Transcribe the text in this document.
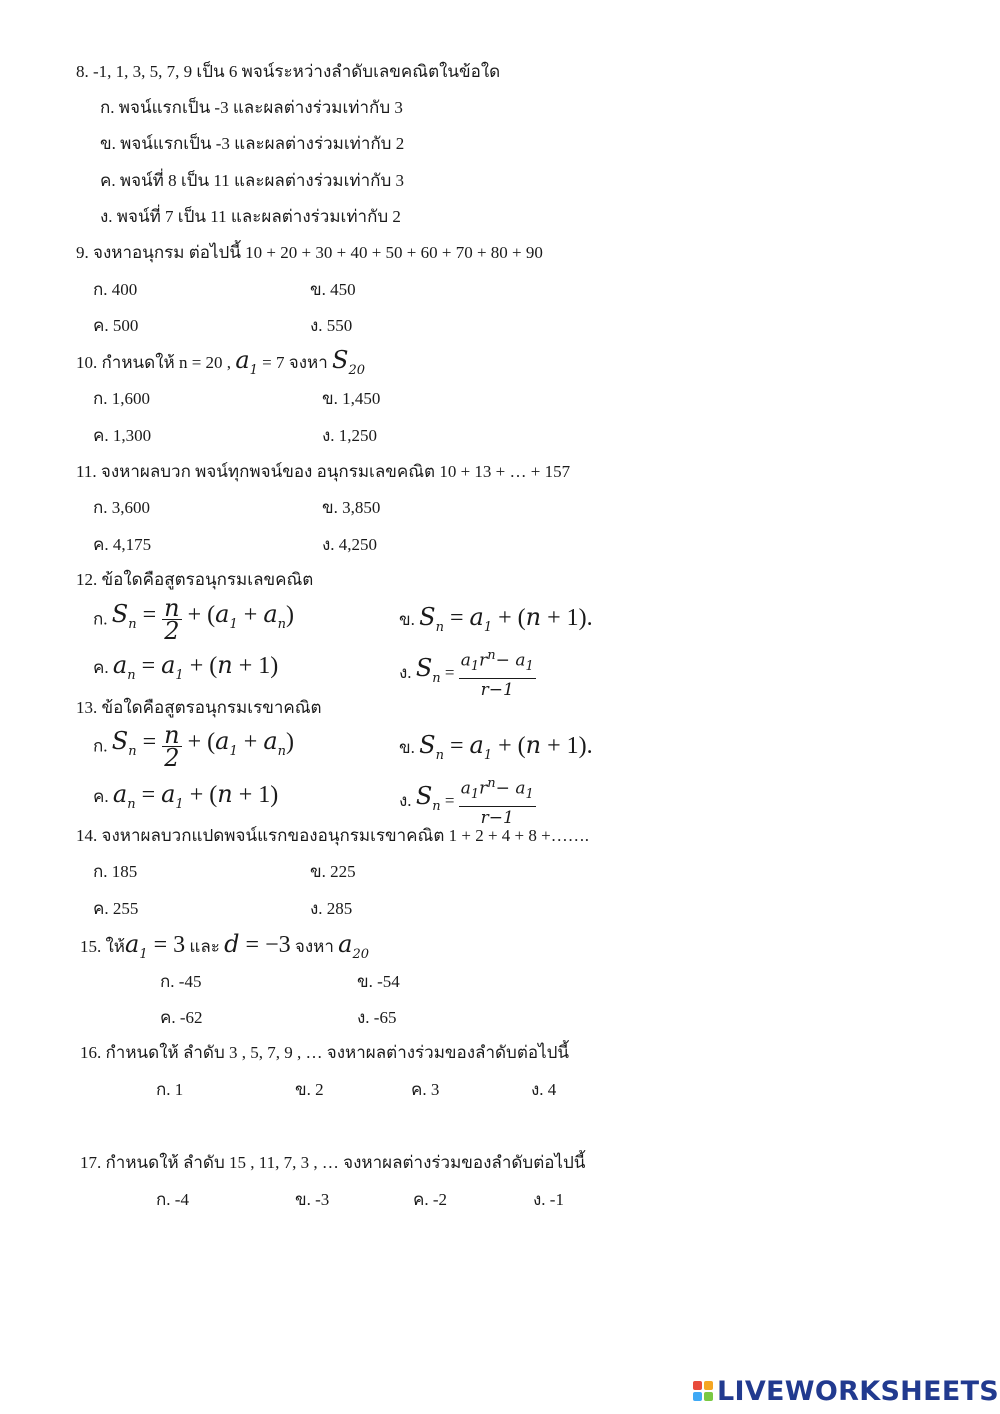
8. -1, 1, 3, 5, 7, 9 เป็น 6 พจน์ระหว่างลำดับเลขคณิตในข้อใด
ก. พจน์แรกเป็น -3 และผลต่างร่วมเท่ากับ 3
ข. พจน์แรกเป็น -3 และผลต่างร่วมเท่ากับ 2
ค. พจน์ที่ 8 เป็น 11 และผลต่างร่วมเท่ากับ 3
ง. พจน์ที่ 7 เป็น 11 และผลต่างร่วมเท่ากับ 2
9. จงหาอนุกรม ต่อไปนี้ 10 + 20 + 30 + 40 + 50 + 60 + 70 + 80 + 90
ก. 400	ข. 450
ค. 500	ง. 550
10. กำหนดให้ n = 20 , $a_1 = 7$ จงหา $S_{20}$
ก. 1,600	ข. 1,450
ค. 1,300	ง. 1,250
11. จงหาผลบวก พจน์ทุกพจน์ของ อนุกรมเลขคณิต 10 + 13 + … + 157
ก. 3,600	ข. 3,850
ค. 4,175	ง. 4,250
12. ข้อใดคือสูตรอนุกรมเลขคณิต
ก. $S_n = \frac{n}{2} + (a_1 + a_n)$	ข. $S_n = a_1 + (n + 1)$.
ค. $a_n = a_1 + (n + 1)$	ง. $S_n = \frac{a_1r^n- a_1}{r-1}$
13. ข้อใดคือสูตรอนุกรมเรขาคณิต
ก. $S_n = \frac{n}{2} + (a_1 + a_n)$	ข. $S_n = a_1 + (n + 1)$.
ค. $a_n = a_1 + (n + 1)$	ง. $S_n = \frac{a_1r^n- a_1}{r-1}$
14. จงหาผลบวกแปดพจน์แรกของอนุกรมเรขาคณิต 1 + 2 + 4 + 8 +…….
ก. 185	ข. 225
ค. 255	ง. 285
15. ให้$a_1 = 3$ และ d = −3 จงหา $a_{20}$
ก. -45	ข. -54
ค. -62	ง. -65
16. กำหนดให้ ลำดับ 3 , 5, 7, 9 , … จงหาผลต่างร่วมของลำดับต่อไปนี้
ก. 1	ข. 2	ค. 3	ง. 4
17. กำหนดให้ ลำดับ 15 , 11, 7, 3 , … จงหาผลต่างร่วมของลำดับต่อไปนี้
ก. -4	ข. -3	ค. -2	ง. -1
LIVEWORKSHEETS
